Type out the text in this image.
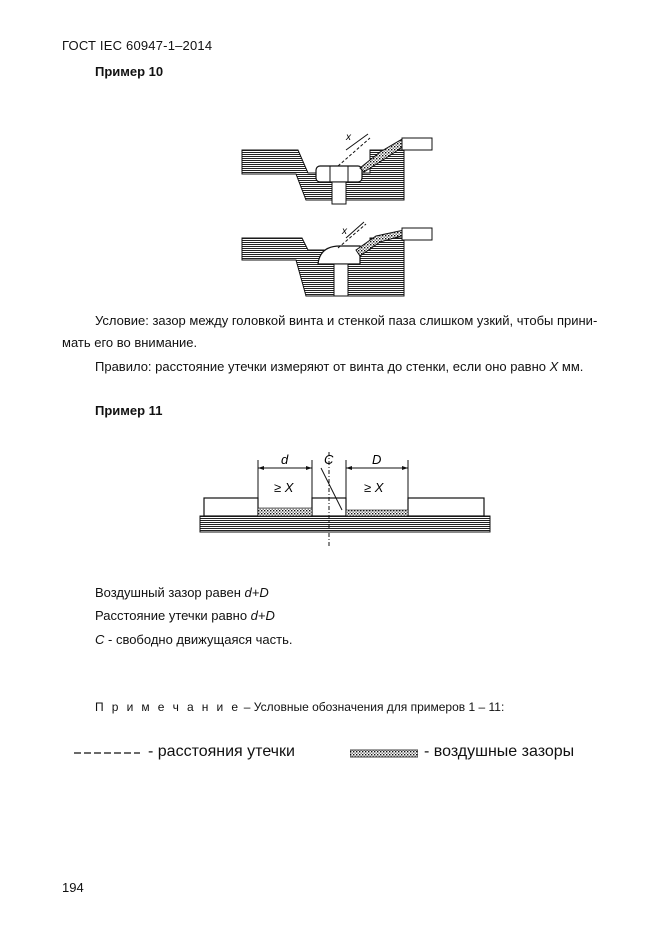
ГОСТ IEC 60947-1–2014
Пример 10
x
x
Условие: зазор между головкой винта и стенкой паза слишком узкий, чтобы прини-
мать его во внимание.
Правило: расстояние утечки измеряют от винта до стенки, если оно равно X мм.
Пример 11
d	C	D
≥ X	≥ X
Воздушный зазор равен d+D
Расстояние утечки равно d+D
C - свободно движущаяся часть.
П р и м е ч а н и е – Условные обозначения для примеров 1 – 11:
- расстояния утечки	- воздушные зазоры
194
